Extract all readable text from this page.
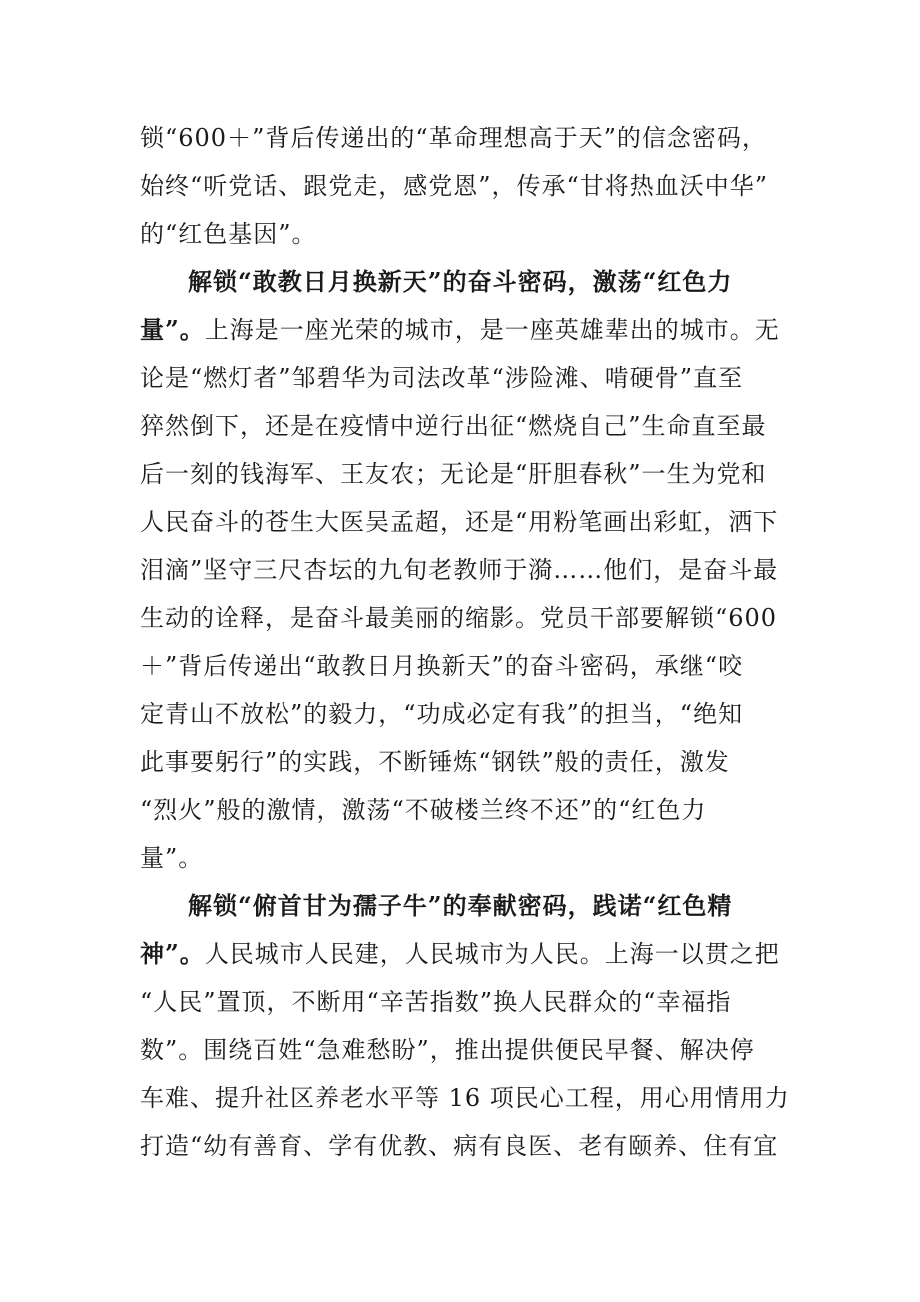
锁“600＋”背后传递出的“革命理想高于天”的信念密码，
始终“听党话、跟党走，感党恩”，传承“甘将热血沃中华”
的“红色基因”。
解锁“敢教日月换新天”的奋斗密码，激荡“红色力
量”。上海是一座光荣的城市，是一座英雄辈出的城市。无
论是“燃灯者”邹碧华为司法改革“涉险滩、啃硬骨”直至
猝然倒下，还是在疫情中逆行出征“燃烧自己”生命直至最
后一刻的钱海军、王友农；无论是“肝胆春秋”一生为党和
人民奋斗的苍生大医吴孟超，还是“用粉笔画出彩虹，洒下
泪滴”坚守三尺杏坛的九旬老教师于漪……他们，是奋斗最
生动的诠释，是奋斗最美丽的缩影。党员干部要解锁“600
＋”背后传递出“敢教日月换新天”的奋斗密码，承继“咬
定青山不放松”的毅力，“功成必定有我”的担当，“绝知
此事要躬行”的实践，不断锤炼“钢铁”般的责任，激发
“烈火”般的激情，激荡“不破楼兰终不还”的“红色力
量”。
解锁“俯首甘为孺子牛”的奉献密码，践诺“红色精
神”。人民城市人民建，人民城市为人民。上海一以贯之把
“人民”置顶，不断用“辛苦指数”换人民群众的“幸福指
数”。围绕百姓“急难愁盼”，推出提供便民早餐、解决停
车难、提升社区养老水平等 16 项民心工程，用心用情用力
打造“幼有善育、学有优教、病有良医、老有颐养、住有宜
